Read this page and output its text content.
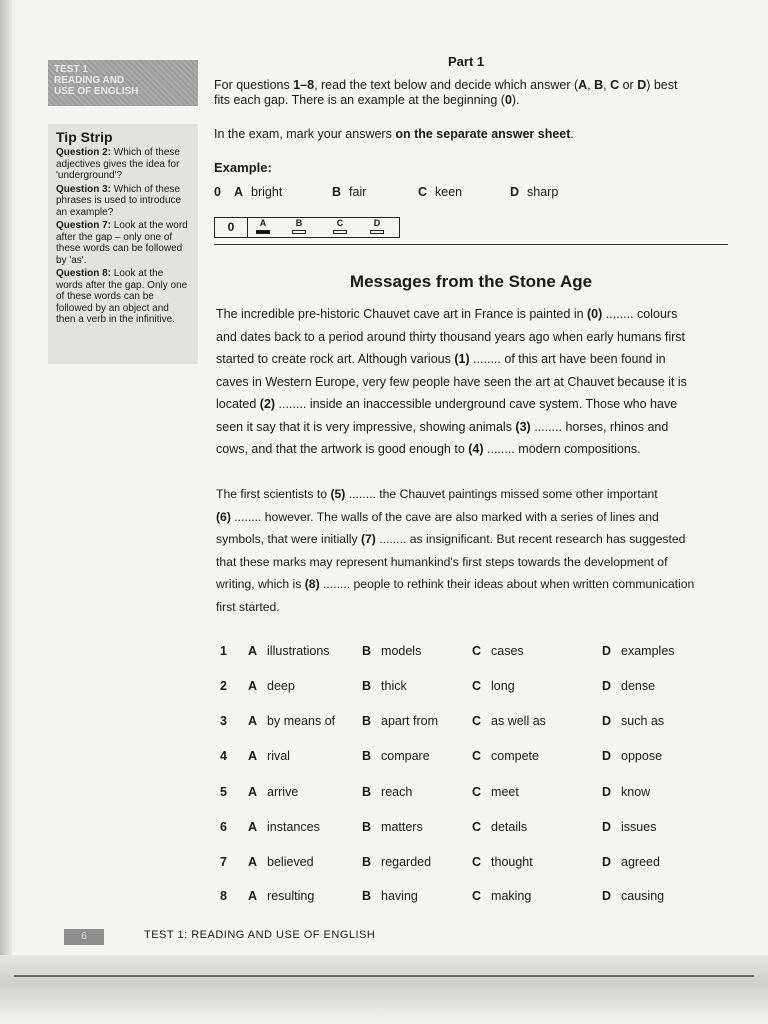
TEST 1
READING AND
USE OF ENGLISH
Tip Strip
Question 2: Which of these adjectives gives the idea for 'underground'?
Question 3: Which of these phrases is used to introduce an example?
Question 7: Look at the word after the gap – only one of these words can be followed by 'as'.
Question 8: Look at the words after the gap. Only one of these words can be followed by an object and then a verb in the infinitive.
Part 1
For questions 1–8, read the text below and decide which answer (A, B, C or D) best
fits each gap. There is an example at the beginning (0).
In the exam, mark your answers on the separate answer sheet.
Example:
0	A bright	B fair	C keen	D sharp
0	A	B	C	D
Messages from the Stone Age
The incredible pre-historic Chauvet cave art in France is painted in (0) ........ colours
and dates back to a period around thirty thousand years ago when early humans first
started to create rock art. Although various (1) ........ of this art have been found in
caves in Western Europe, very few people have seen the art at Chauvet because it is
located (2) ........ inside an inaccessible underground cave system. Those who have
seen it say that it is very impressive, showing animals (3) ........ horses, rhinos and
cows, and that the artwork is good enough to (4) ........ modern compositions.
The first scientists to (5) ........ the Chauvet paintings missed some other important
(6) ........ however. The walls of the cave are also marked with a series of lines and
symbols, that were initially (7) ........ as insignificant. But recent research has suggested
that these marks may represent humankind's first steps towards the development of
writing, which is (8) ........ people to rethink their ideas about when written communication
first started.
1 A illustrations	B models	C cases	D examples
2 A deep	B thick	C long	D dense
3 A by means of B apart from	C as well as	D such as
4 A rival	B compare	C compete	D oppose
5 A arrive	B reach	C meet	D know
6 A instances	B matters	C details	D issues
7 A believed	B regarded	C thought	D agreed
8 A resulting	B having	C making	D causing
6	TEST 1: READING AND USE OF ENGLISH
